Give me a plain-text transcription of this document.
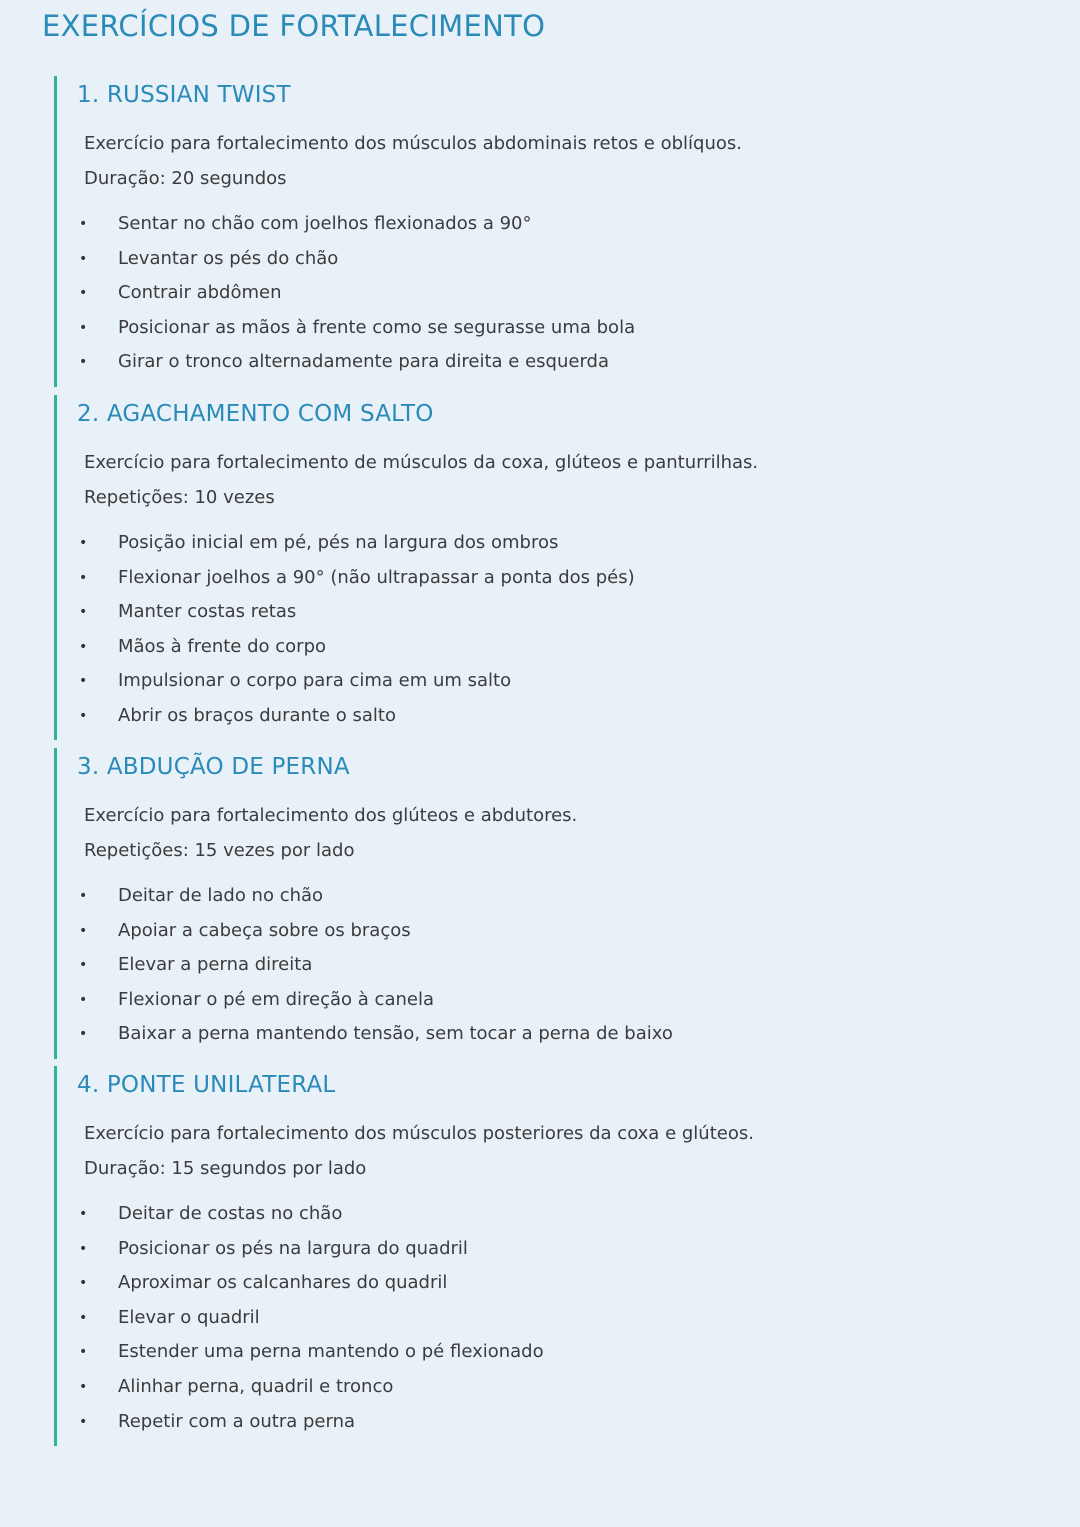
EXERCÍCIOS DE FORTALECIMENTO
1. RUSSIAN TWIST

Exercício para fortalecimento dos músculos abdominais retos e oblíquos.
Duração: 20 segundos

• Sentar no chão com joelhos flexionados a 90°
• Levantar os pés do chão
• Contrair abdômen
• Posicionar as mãos à frente como se segurasse uma bola
• Girar o tronco alternadamente para direita e esquerda
2. AGACHAMENTO COM SALTO

Exercício para fortalecimento de músculos da coxa, glúteos e panturrilhas.
Repetições: 10 vezes

• Posição inicial em pé, pés na largura dos ombros
• Flexionar joelhos a 90° (não ultrapassar a ponta dos pés)
• Manter costas retas
• Mãos à frente do corpo
• Impulsionar o corpo para cima em um salto
• Abrir os braços durante o salto
3. ABDUÇÃO DE PERNA

Exercício para fortalecimento dos glúteos e abdutores.
Repetições: 15 vezes por lado

• Deitar de lado no chão
• Apoiar a cabeça sobre os braços
• Elevar a perna direita
• Flexionar o pé em direção à canela
• Baixar a perna mantendo tensão, sem tocar a perna de baixo
4. PONTE UNILATERAL

Exercício para fortalecimento dos músculos posteriores da coxa e glúteos.
Duração: 15 segundos por lado

• Deitar de costas no chão
• Posicionar os pés na largura do quadril
• Aproximar os calcanhares do quadril
• Elevar o quadril
• Estender uma perna mantendo o pé flexionado
• Alinhar perna, quadril e tronco
• Repetir com a outra perna
